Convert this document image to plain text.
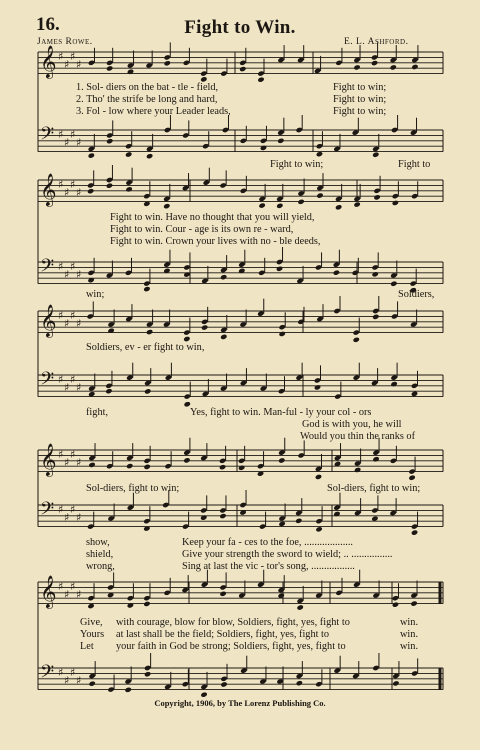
16.	Fight to Win.
James Rowe.	E. L. Ashford.
𝄞 ♯
♯
♯
♯
𝄢 ♯
♯
♯
♯
𝄞 ♯
♯
♯
♯
𝄢 ♯
♯
♯
♯
𝄞 ♯
♯
♯
♯
𝄢 ♯
♯
♯
♯
𝄞 ♯
♯
♯
♯
𝄢 ♯
♯
♯
♯
𝄞 ♯
♯
♯
♯
𝄢 ♯
♯
♯
♯
1. Sol- diers on the bat - tle - field,
2. Tho' the strife be long and hard,
3. Fol - low where your Leader leads,
Fight to win;
Fight to win;
Fight to win;
Fight to win;	Fight to
Fight to win. Have no thought that you will yield,
Fight to win. Cour - age is its own re - ward,
Fight to win. Crown your lives with no - ble deeds,
win;	Soldiers,
Soldiers, ev - er fight to win,
fight,	Yes, fight to win. Man-ful - ly your col - ors
God is with you, he will
Would you thin the ranks of
Sol-diers, fight to win;	Sol-diers, fight to win;
show,	Keep your fa - ces to the foe, ...................
shield,	Give your strength the sword to wield; .. ................
wrong,	Sing at last the vic - tor's song, .................
Give, with courage, blow for blow, Soldiers, fight, yes, fight to	win.
Yours at last shall be the field; Soldiers, fight, yes, fight to	win.
Let your faith in God be strong; Soldiers, fight, yes, fight to	win.
Copyright, 1906, by The Lorenz Publishing Co.
